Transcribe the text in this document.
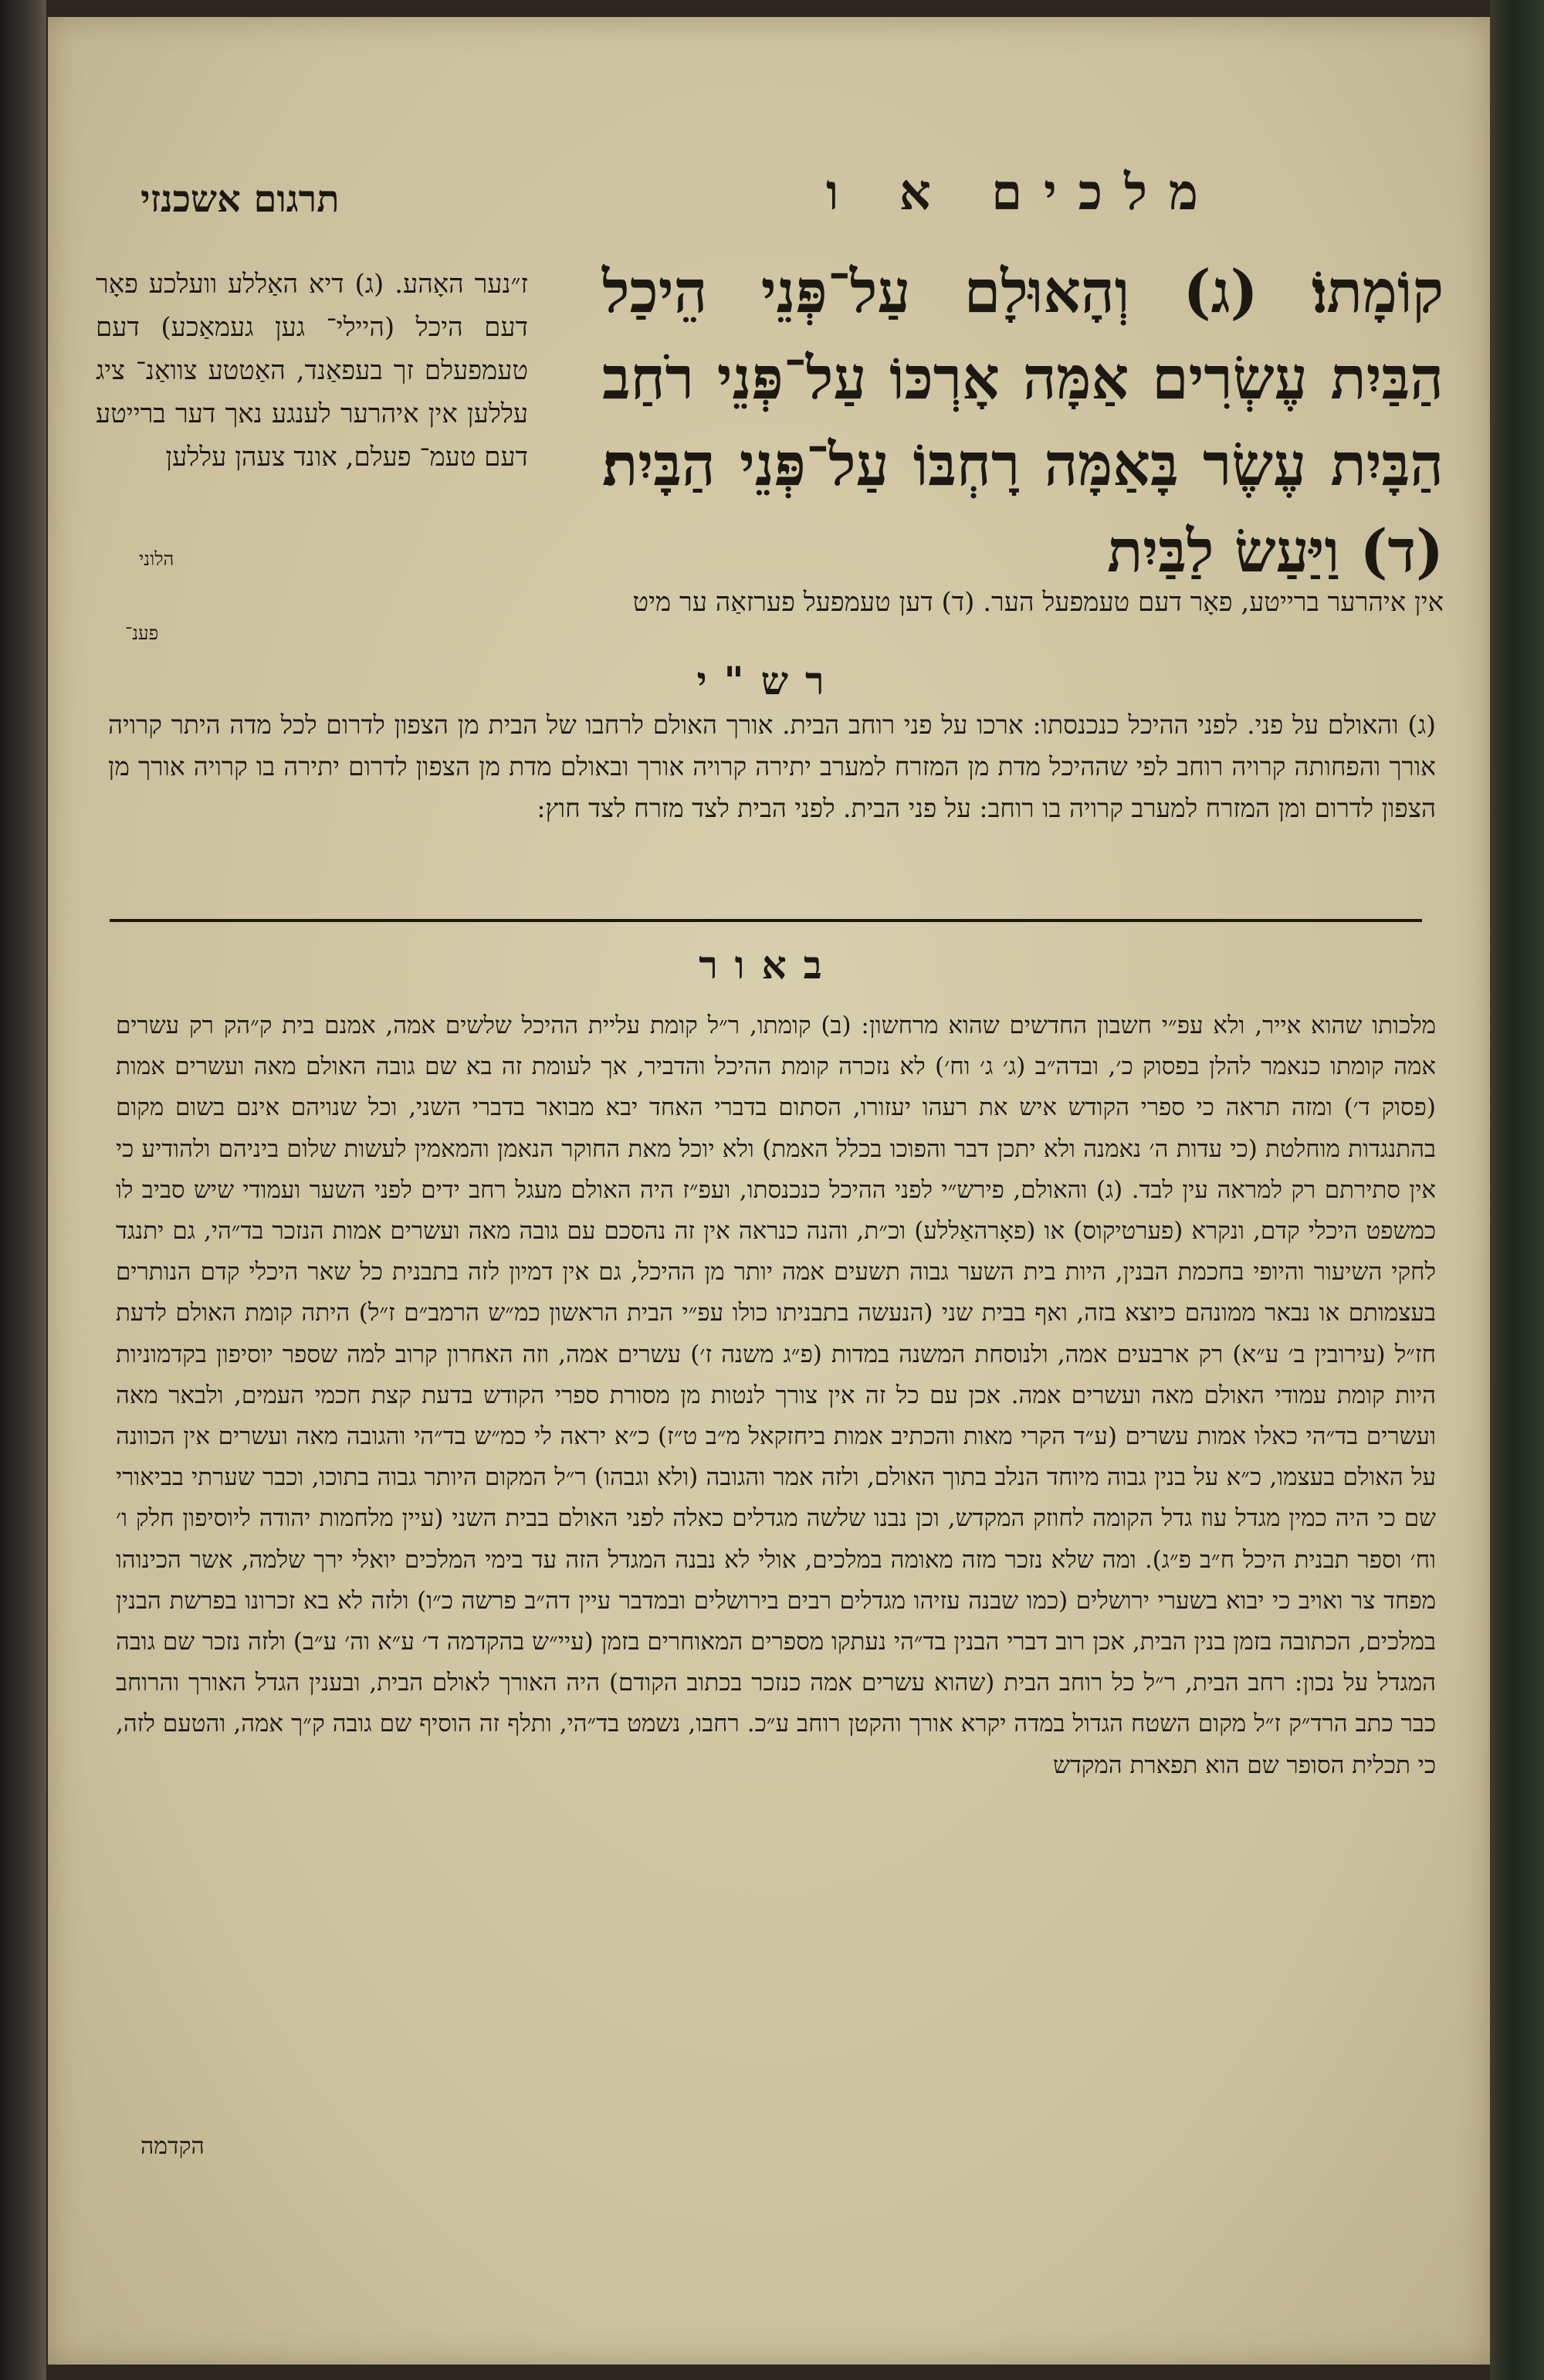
מלכים א ו
תרגום אשכנזי
קוֹמָתוֹ׃ (ג) וְהָאוּלָם עַל־פְּנֵי הֵיכַל הַבַּיִת עֶשְׂרִים אַמָּה אָרְכּוֹ עַל־פְּנֵי רֹחַב הַבָּיִת עֶשֶׂר בָּאַמָּה רָחְבּוֹ עַל־פְּנֵי הַבָּיִת׃ (ד) וַיַּעַשׂ לַבַּיִת
ז״נער האָהע. (ג) דיא האַללע וועלכע פאָר דעם היכל (היילי־ גען געמאַכע) דעם טעמפעלם זך בעפאַנד, האַטטע צוואַנ־ ציג עללען אין איהרער לענגע נאך דער ברייטע דעם טעמ־ פעלם, אונד צעהן עללען
הלוני
אין איהרער ברייטע, פאָר דעם טעמפעל הער. (ד) דען טעמפעל פערזאַה ער מיט
פענ־
רש"י
(ג) והאולם על פני. לפני ההיכל כנכנסתו: ארכו על פני רוחב הבית. אורך האולם לרחבו של הבית מן הצפון לדרום לכל מדה היתר קרויה אורך והפחותה קרויה רוחב לפי שההיכל מדת מן המזרח למערב יתירה קרויה אורך ובאולם מדת מן הצפון לדרום יתירה בו קרויה אורך מן הצפון לדרום ומן המזרח למערב קרויה בו רוחב: על פני הבית. לפני הבית לצד מזרח לצד חוץ:
באור
מלכותו שהוא אייר, ולא עפ״י חשבון החדשים שהוא מרחשון: (ב) קומתו, ר״ל קומת עליית ההיכל שלשים אמה, אמנם בית ק״הק רק עשרים אמה קומתו כנאמר להלן בפסוק כ׳, ובדה״ב (ג׳ ג׳ וח׳) לא נזכרה קומת ההיכל והדביר, אך לעומת זה בא שם גובה האולם מאה ועשרים אמות (פסוק ד׳) ומזה תראה כי ספרי הקודש איש את רעהו יעזורו, הסתום בדברי האחד יבא מבואר בדברי השני, וכל שנויהם אינם בשום מקום בהתנגדות מוחלטת (כי עדות ה׳ נאמנה ולא יתכן דבר והפוכו בכלל האמת) ולא יוכל מאת החוקר הנאמן והמאמין לעשות שלום ביניהם ולהודיע כי אין סתירתם רק למראה עין לבד. (ג) והאולם, פירש״י לפני ההיכל כנכנסתו, ועפ״ז היה האולם מעגל רחב ידים לפני השער ועמודי שיש סביב לו כמשפט היכלי קדם, ונקרא (פערטיקוס) או (פאָרהאַללע) וכ״ת, והנה כנראה אין זה נהסכם עם גובה מאה ועשרים אמות הנזכר בד״הי, גם יתנגד לחקי השיעור והיופי בחכמת הבנין, היות בית השער גבוה תשעים אמה יותר מן ההיכל, גם אין דמיון לזה בתבנית כל שאר היכלי קדם הנותרים בעצמותם או נבאר ממונהם כיוצא בזה, ואף בבית שני (הנעשה בתבניתו כולו עפ״י הבית הראשון כמ״ש הרמב״ם ז״ל) היתה קומת האולם לדעת חז״ל (עירובין ב׳ ע״א) רק ארבעים אמה, ולנוסחת המשנה במדות (פ״ג משנה ז׳) עשרים אמה, וזה האחרון קרוב למה שספר יוסיפון בקדמוניות היות קומת עמודי האולם מאה ועשרים אמה. אכן עם כל זה אין צורך לנטות מן מסורת ספרי הקודש בדעת קצת חכמי העמים, ולבאר מאה ועשרים בד״הי כאלו אמות עשרים (ע״ד הקרי מאות והכתיב אמות ביחזקאל מ״ב ט״ז) כ״א יראה לי כמ״ש בד״הי והגובה מאה ועשרים אין הכוונה על האולם בעצמו, כ״א על בנין גבוה מיוחד הנלב בתוך האולם, ולזה אמר והגובה (ולא וגבהו) ר״ל המקום היותר גבוה בתוכו, וכבר שערתי בביאורי שם כי היה כמין מגדל עוז גדל הקומה לחוזק המקדש, וכן נבנו שלשה מגדלים כאלה לפני האולם בבית השני (עיין מלחמות יהודה ליוסיפון חלק ו׳ וח׳ וספר תבנית היכל ח״ב פ״ג). ומה שלא נזכר מזה מאומה במלכים, אולי לא נבנה המגדל הזה עד בימי המלכים יואלי ירך שלמה, אשר הכינוהו מפחד צר ואויב כי יבוא בשערי ירושלים (כמו שבנה עזיהו מגדלים רבים בירושלים ובמדבר עיין דה״ב פרשה כ״ו) ולזה לא בא זכרונו בפרשת הבנין במלכים, הכתובה בזמן בנין הבית, אכן רוב דברי הבנין בד״הי נעתקו מספרים המאוחרים בזמן (עיי״ש בהקדמה ד׳ ע״א וה׳ ע״ב) ולזה נזכר שם גובה המגדל על נכון: רחב הבית, ר״ל כל רוחב הבית (שהוא עשרים אמה כנזכר בכתוב הקודם) היה האורך לאולם הבית, ובענין הגדל האורך והרוחב כבר כתב הרד״ק ז״ל מקום השטח הגדול במדה יקרא אורך והקטן רוחב ע״כ. רחבו, נשמט בד״הי, ותלף זה הוסיף שם גובה ק״ך אמה, והטעם לזה, כי תכלית הסופר שם הוא תפארת המקדש
הקדמה
